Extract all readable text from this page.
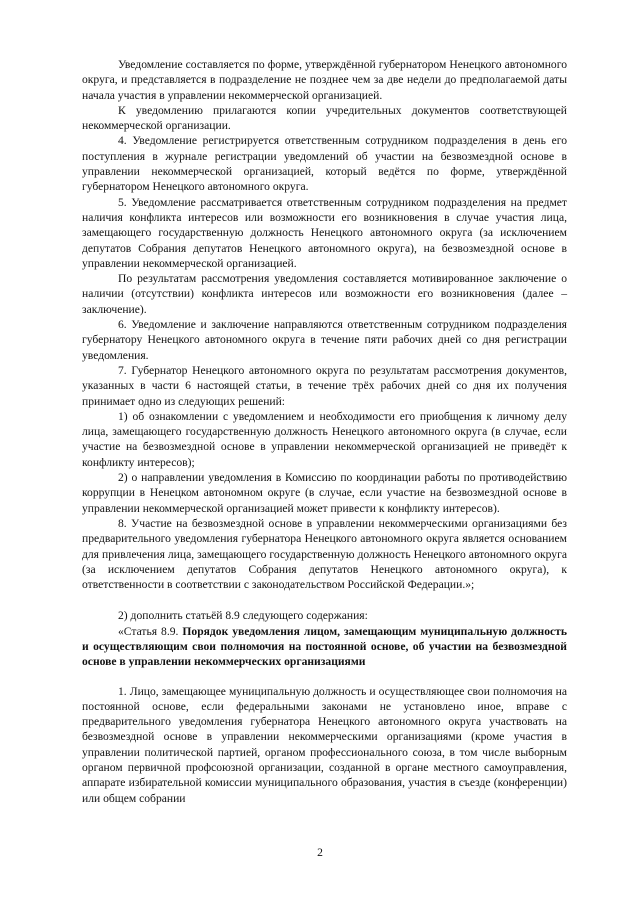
Уведомление составляется по форме, утверждённой губернатором Ненецкого автономного округа, и представляется в подразделение не позднее чем за две недели до предполагаемой даты начала участия в управлении некоммерческой организацией.

К уведомлению прилагаются копии учредительных документов соответствующей некоммерческой организации.

4. Уведомление регистрируется ответственным сотрудником подразделения в день его поступления в журнале регистрации уведомлений об участии на безвозмездной основе в управлении некоммерческой организацией, который ведётся по форме, утверждённой губернатором Ненецкого автономного округа.

5. Уведомление рассматривается ответственным сотрудником подразделения на предмет наличия конфликта интересов или возможности его возникновения в случае участия лица, замещающего государственную должность Ненецкого автономного округа (за исключением депутатов Собрания депутатов Ненецкого автономного округа), на безвозмездной основе в управлении некоммерческой организацией.

По результатам рассмотрения уведомления составляется мотивированное заключение о наличии (отсутствии) конфликта интересов или возможности его возникновения (далее – заключение).

6. Уведомление и заключение направляются ответственным сотрудником подразделения губернатору Ненецкого автономного округа в течение пяти рабочих дней со дня регистрации уведомления.

7. Губернатор Ненецкого автономного округа по результатам рассмотрения документов, указанных в части 6 настоящей статьи, в течение трёх рабочих дней со дня их получения принимает одно из следующих решений:

1) об ознакомлении с уведомлением и необходимости его приобщения к личному делу лица, замещающего государственную должность Ненецкого автономного округа (в случае, если участие на безвозмездной основе в управлении некоммерческой организацией не приведёт к конфликту интересов);

2) о направлении уведомления в Комиссию по координации работы по противодействию коррупции в Ненецком автономном округе (в случае, если участие на безвозмездной основе в управлении некоммерческой организацией может привести к конфликту интересов).

8. Участие на безвозмездной основе в управлении некоммерческими организациями без предварительного уведомления губернатора Ненецкого автономного округа является основанием для привлечения лица, замещающего государственную должность Ненецкого автономного округа (за исключением депутатов Собрания депутатов Ненецкого автономного округа), к ответственности в соответствии с законодательством Российской Федерации.»;

2) дополнить статьёй 8.9 следующего содержания:

«Статья 8.9. Порядок уведомления лицом, замещающим муниципальную должность и осуществляющим свои полномочия на постоянной основе, об участии на безвозмездной основе в управлении некоммерческих организациями

1. Лицо, замещающее муниципальную должность и осуществляющее свои полномочия на постоянной основе, если федеральными законами не установлено иное, вправе с предварительного уведомления губернатора Ненецкого автономного округа участвовать на безвозмездной основе в управлении некоммерческими организациями (кроме участия в управлении политической партией, органом профессионального союза, в том числе выборным органом первичной профсоюзной организации, созданной в органе местного самоуправления, аппарате избирательной комиссии муниципального образования, участия в съезде (конференции) или общем собрании

2
